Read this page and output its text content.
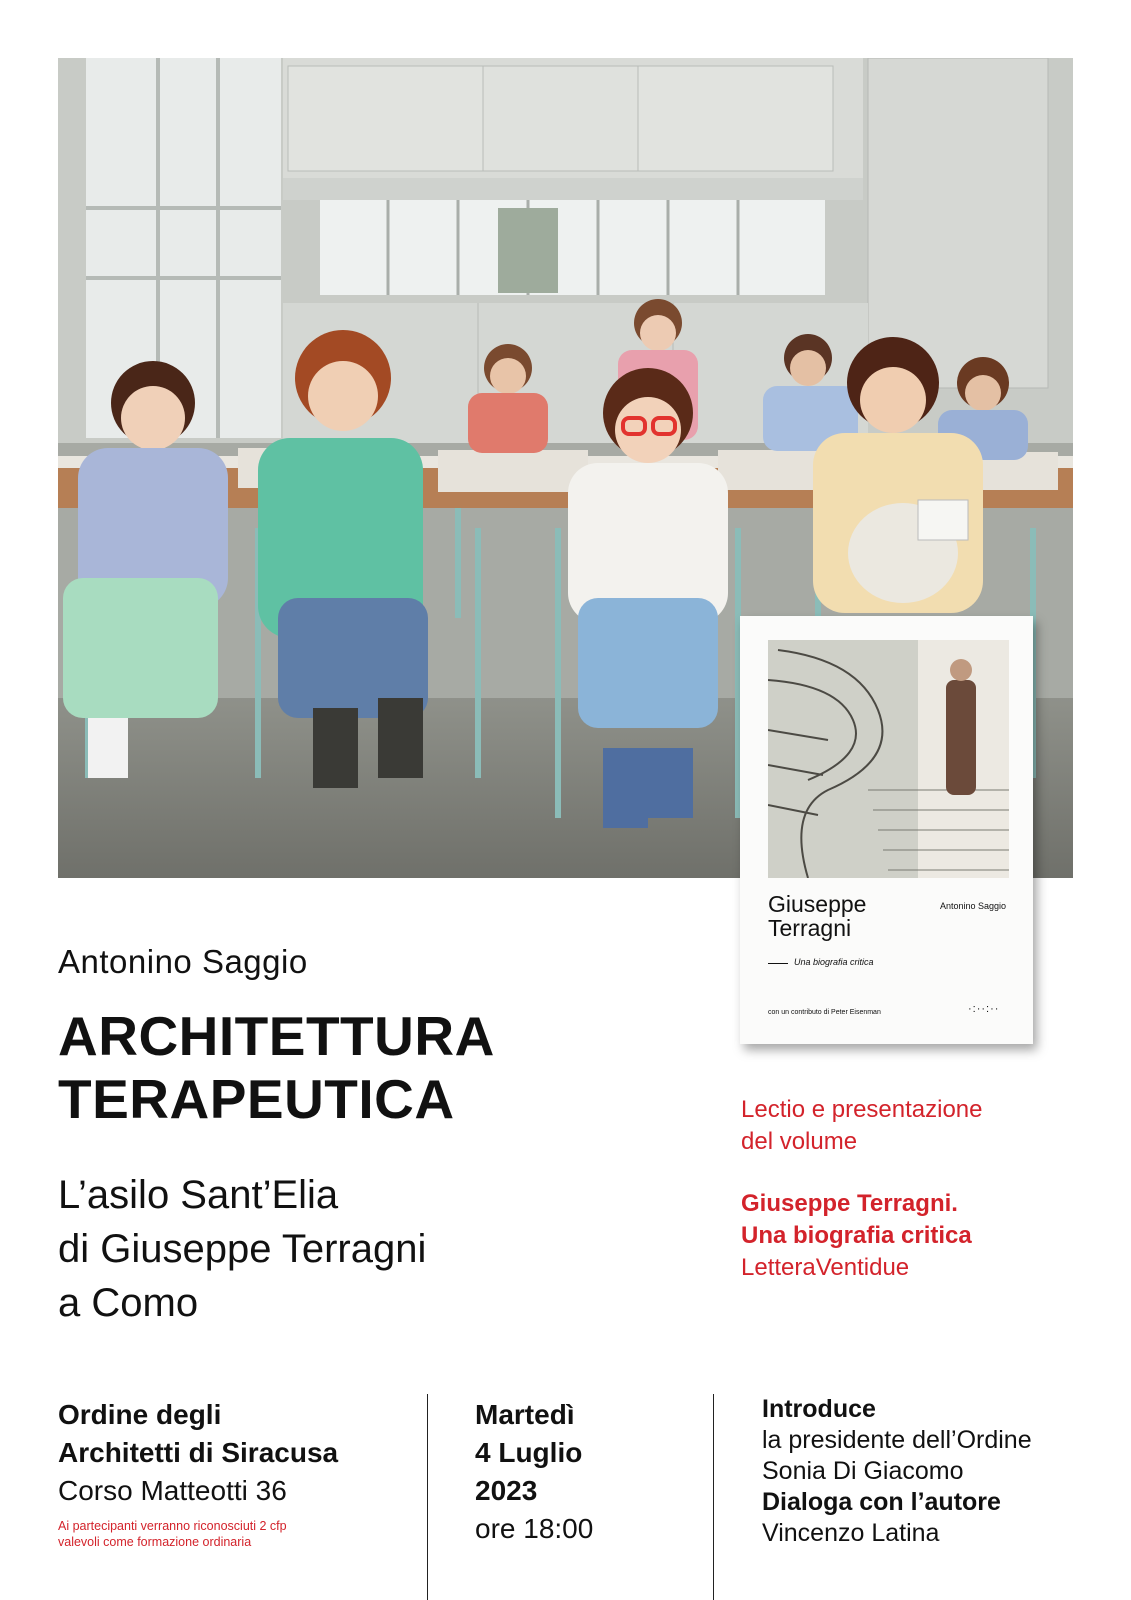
Giuseppe
Terragni
Antonino Saggio
Una biografia critica
con un contributo di Peter Eisenman	·:··:··
Antonino Saggio
ARCHITETTURA
TERAPEUTICA
L’asilo Sant’Elia
di Giuseppe Terragni
a Como
Lectio e presentazione
del volume
Giuseppe Terragni.
Una biografia critica
LetteraVentidue
Ordine degli
Architetti di Siracusa
Corso Matteotti 36
Ai partecipanti verranno riconosciuti 2 cfp
valevoli come formazione ordinaria
Martedì
4 Luglio
2023
ore 18:00
Introduce
la presidente dell’Ordine
Sonia Di Giacomo
Dialoga con l’autore
Vincenzo Latina
